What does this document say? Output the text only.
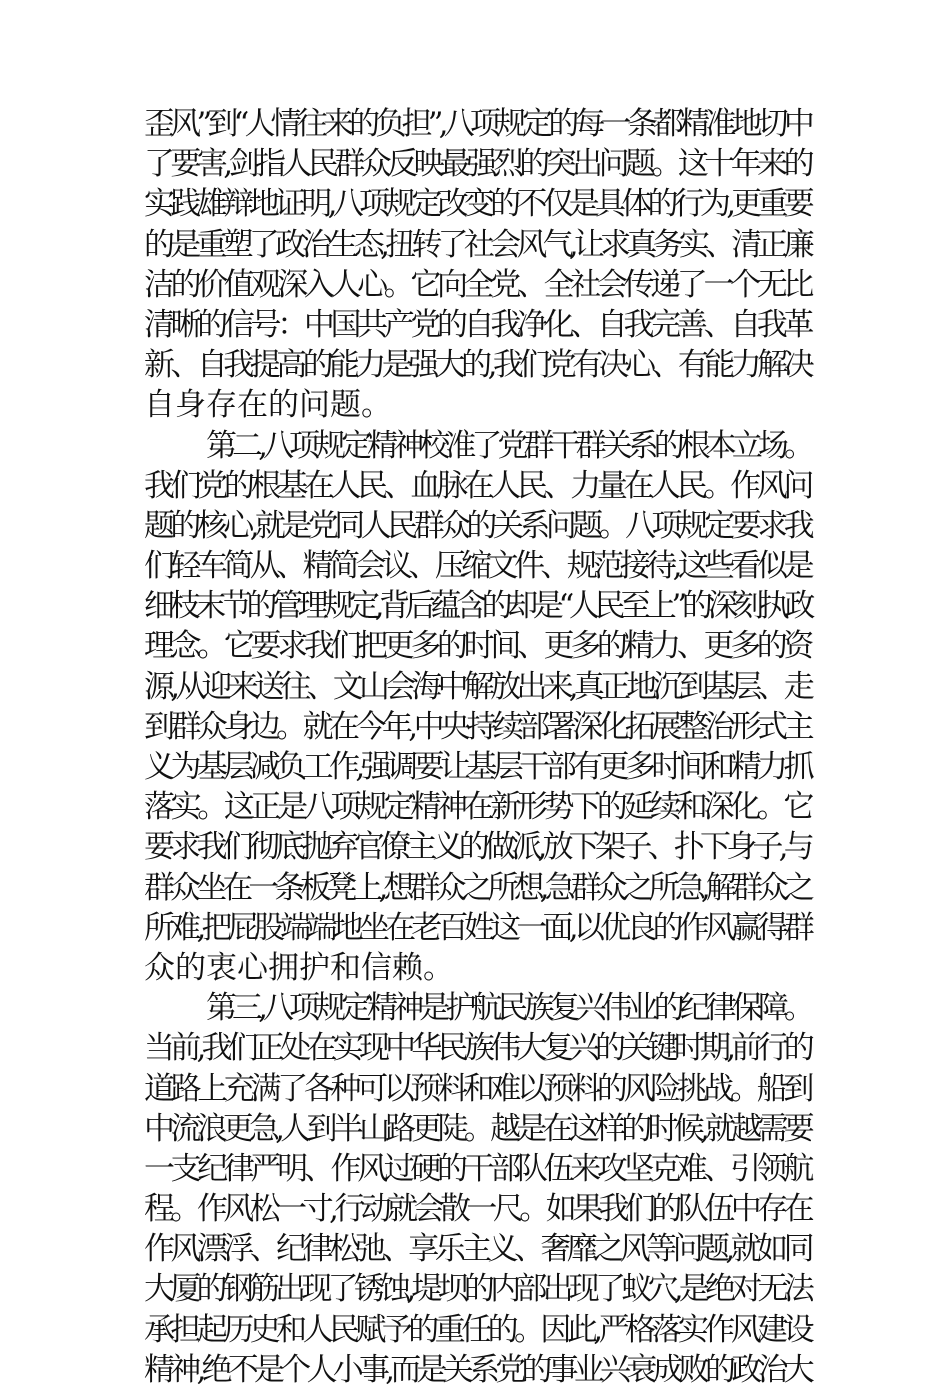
歪风”到“人情往来的负担”,八项规定的每一条都精准地切中
了要害,剑指人民群众反映最强烈的突出问题。这十年来的
实践雄辩地证明,八项规定改变的不仅是具体的行为,更重要
的是重塑了政治生态,扭转了社会风气,让求真务实、清正廉
洁的价值观深入人心。它向全党、全社会传递了一个无比
清晰的信号：中国共产党的自我净化、自我完善、自我革
新、自我提高的能力是强大的,我们党有决心、有能力解决
自身存在的问题。
第二,八项规定精神校准了党群干群关系的根本立场。
我们党的根基在人民、血脉在人民、力量在人民。作风问
题的核心,就是党同人民群众的关系问题。八项规定要求我
们轻车简从、精简会议、压缩文件、规范接待,这些看似是
细枝末节的管理规定,背后蕴含的却是“人民至上”的深刻执政
理念。它要求我们把更多的时间、更多的精力、更多的资
源,从迎来送往、文山会海中解放出来,真正地沉到基层、走
到群众身边。就在今年,中央持续部署深化拓展整治形式主
义为基层减负工作,强调要让基层干部有更多时间和精力抓
落实。这正是八项规定精神在新形势下的延续和深化。它
要求我们彻底抛弃官僚主义的做派,放下架子、扑下身子,与
群众坐在一条板凳上,想群众之所想,急群众之所急,解群众之
所难,把屁股端端地坐在老百姓这一面,以优良的作风赢得群
众的衷心拥护和信赖。
第三,八项规定精神是护航民族复兴伟业的纪律保障。
当前,我们正处在实现中华民族伟大复兴的关键时期,前行的
道路上充满了各种可以预料和难以预料的风险挑战。船到
中流浪更急,人到半山路更陡。越是在这样的时候,就越需要
一支纪律严明、作风过硬的干部队伍来攻坚克难、引领航
程。作风松一寸,行动就会散一尺。如果我们的队伍中存在
作风漂浮、纪律松弛、享乐主义、奢靡之风等问题,就如同
大厦的钢筋出现了锈蚀,堤坝的内部出现了蚁穴,是绝对无法
承担起历史和人民赋予的重任的。因此,严格落实作风建设
精神,绝不是个人小事,而是关系党的事业兴衰成败的政治大
